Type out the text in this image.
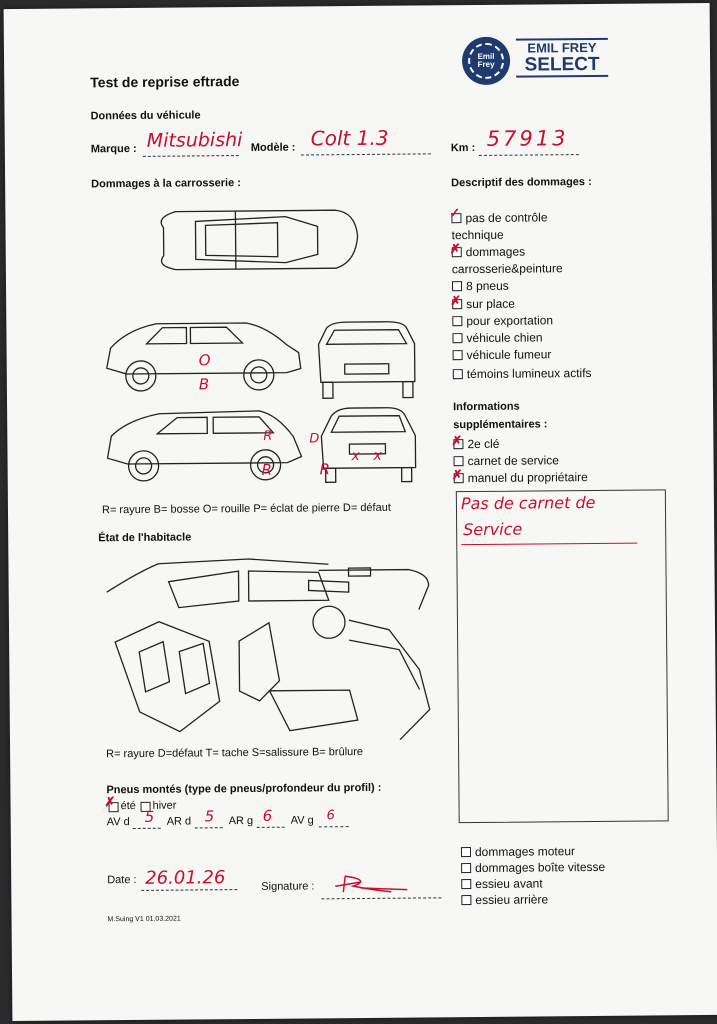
Test de reprise eftrade
Emil
Frey
EMIL FREY
SELECT
Données du véhicule
Marque : Mitsubishi Modèle : Colt 1.3	Km : 57913
Dommages à la carrosserie :
O
B
R
R	D
R
x x
R= rayure B= bosse O= rouille P= éclat de pierre D= défaut
Descriptif des dommages :
✓ pas de contrôle
technique
✗ dommages
carrosserie&peinture
8 pneus
✗ sur place
pour exportation
véhicule chien
véhicule fumeur
témoins lumineux actifs
Informations
supplémentaires :
✗ 2e clé
carnet de service
✗ manuel du propriétaire
Pas de carnet de
Service
État de l'habitacle
R= rayure D=défaut T= tache S=salissure B= brûlure
Pneus montés (type de pneus/profondeur du profil) :
✗ été hiver
AV d 5 AR d 5 AR g 6 AV g 6
dommages moteur
dommages boîte vitesse
essieu avant
essieu arrière
Date : 26.01.26	Signature :
M.Suing V1 01.03.2021
